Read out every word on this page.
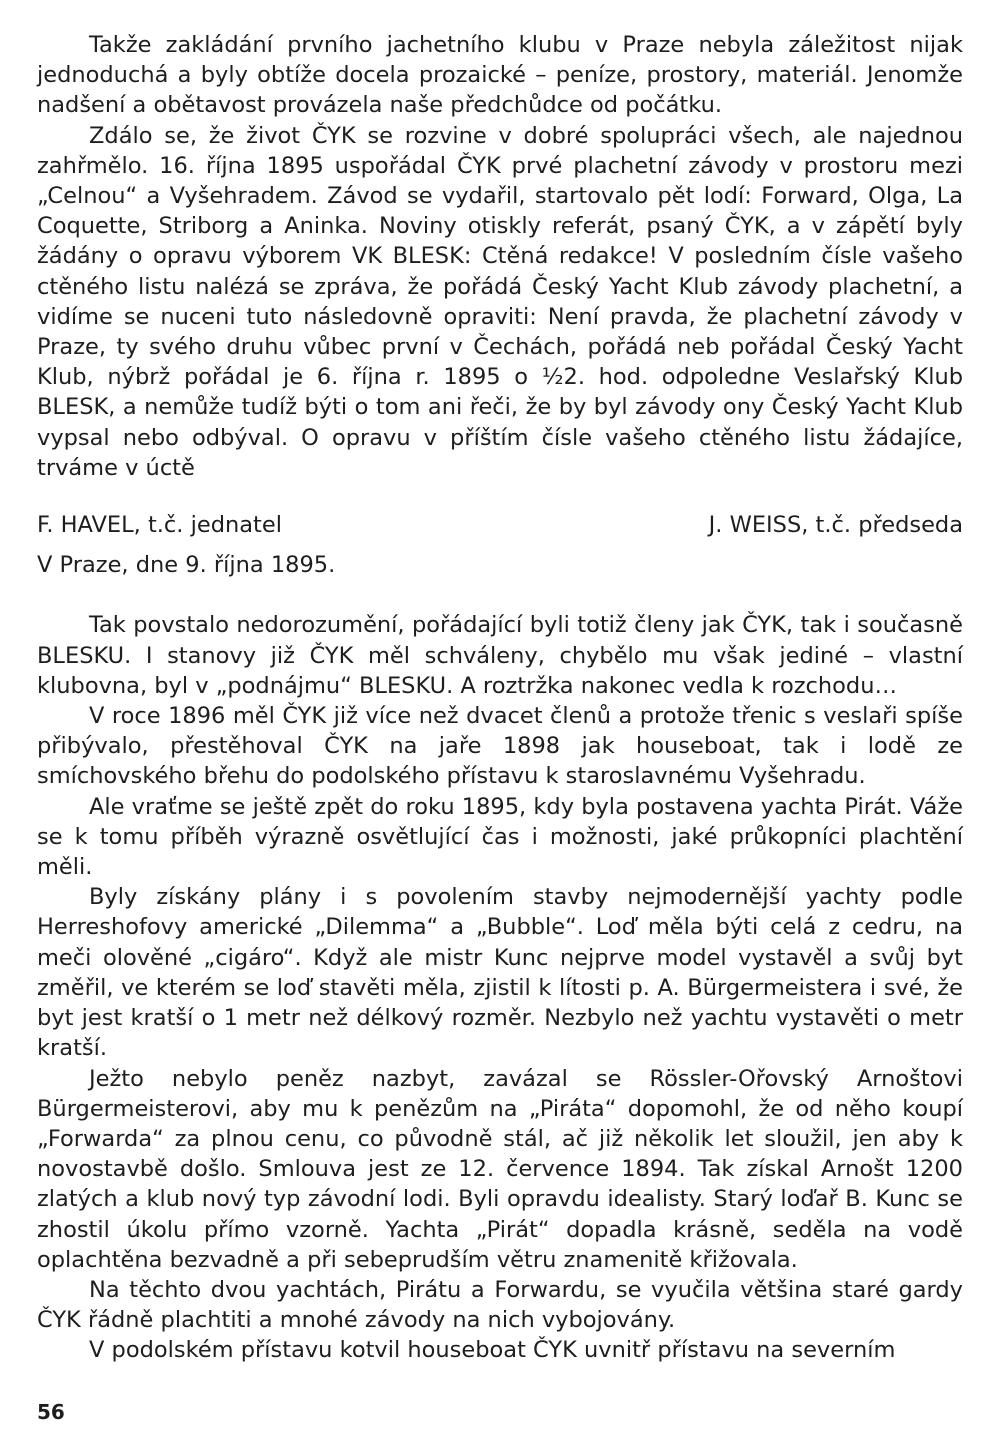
Takže zakládání prvního jachetního klubu v Praze nebyla záležitost nijak jednoduchá a byly obtíže docela prozaické – peníze, prostory, materiál. Jenomže nadšení a obětavost provázela naše předchůdce od počátku.

Zdálo se, že život ČYK se rozvine v dobré spolupráci všech, ale najednou zahřmělo. 16. října 1895 uspořádal ČYK prvé plachetní závody v prostoru mezi „Celnou“ a Vyšehradem. Závod se vydařil, startovalo pět lodí: Forward, Olga, La Coquette, Striborg a Aninka. Noviny otiskly referát, psaný ČYK, a v zápětí byly žádány o opravu výborem VK BLESK: Ctěná redakce! V posledním čísle vašeho ctěného listu nalézá se zpráva, že pořádá Český Yacht Klub závody plachetní, a vidíme se nuceni tuto následovně opraviti: Není pravda, že plachetní závody v Praze, ty svého druhu vůbec první v Čechách, pořádá neb pořádal Český Yacht Klub, nýbrž pořádal je 6. října r. 1895 o ½2. hod. odpoledne Veslařský Klub BLESK, a nemůže tudíž býti o tom ani řeči, že by byl závody ony Český Yacht Klub vypsal nebo odbýval. O opravu v příštím čísle vašeho ctěného listu žádajíce, trváme v úctě

F. HAVEL, t.č. jednatel	J. WEISS, t.č. předseda
V Praze, dne 9. října 1895.

Tak povstalo nedorozumění, pořádající byli totiž členy jak ČYK, tak i současně BLESKU. I stanovy již ČYK měl schváleny, chybělo mu však jediné – vlastní klubovna, byl v „podnájmu“ BLESKU. A roztržka nakonec vedla k rozchodu…

V roce 1896 měl ČYK již více než dvacet členů a protože třenic s veslaři spíše přibývalo, přestěhoval ČYK na jaře 1898 jak houseboat, tak i lodě ze smíchovského břehu do podolského přístavu k staroslavnému Vyšehradu.

Ale vraťme se ještě zpět do roku 1895, kdy byla postavena yachta Pirát. Váže se k tomu příběh výrazně osvětlující čas i možnosti, jaké průkopníci plachtění měli.

Byly získány plány i s povolením stavby nejmodernější yachty podle Herreshofovy americké „Dilemma“ a „Bubble“. Loď měla býti celá z cedru, na meči olověné „cigáro“. Když ale mistr Kunc nejprve model vystavěl a svůj byt změřil, ve kterém se loď stavěti měla, zjistil k lítosti p. A. Bürgermeistera i své, že byt jest kratší o 1 metr než délkový rozměr. Nezbylo než yachtu vystavěti o metr kratší.

Ježto nebylo peněz nazbyt, zavázal se Rössler-Ořovský Arnoštovi Bürgermeisterovi, aby mu k penězům na „Piráta“ dopomohl, že od něho koupí „Forwarda“ za plnou cenu, co původně stál, ač již několik let sloužil, jen aby k novostavbě došlo. Smlouva jest ze 12. července 1894. Tak získal Arnošt 1200 zlatých a klub nový typ závodní lodi. Byli opravdu idealisty. Starý loďař B. Kunc se zhostil úkolu přímo vzorně. Yachta „Pirát“ dopadla krásně, seděla na vodě oplachtěna bezvadně a při sebeprudším větru znamenitě křižovala.

Na těchto dvou yachtách, Pirátu a Forwardu, se vyučila většina staré gardy ČYK řádně plachtiti a mnohé závody na nich vybojovány.

V podolském přístavu kotvil houseboat ČYK uvnitř přístavu na severním

56
